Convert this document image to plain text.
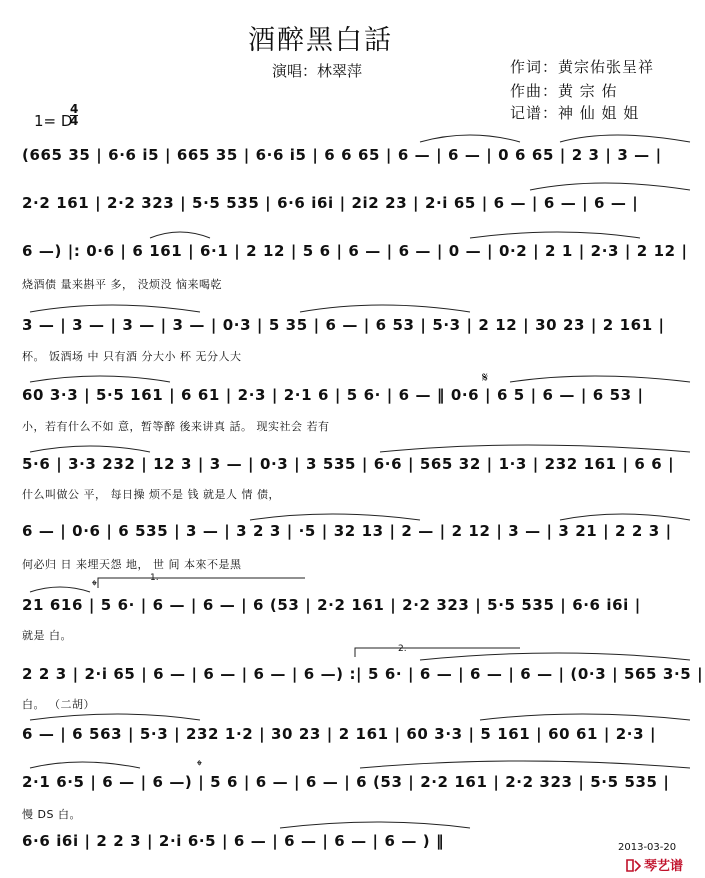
酒醉黑白話
演唱：林翠萍	作词：黄宗佑张呈祥
作曲：黄 宗 佑
记谱：神 仙 姐 姐
1= D
4
4
(665 35 | 6·6 i5 | 665 35 | 6·6 i5 | 6 6 65 | 6 — | 6 — | 0 6 65 | 2 3 | 3 — |
2·2 161 | 2·2 323 | 5·5 535 | 6·6 i6i | 2i2 23 | 2·i 65 | 6 — | 6 — | 6 — |
6 —) |: 0·6 | 6 161 | 6·1 | 2 12 | 5 6 | 6 — | 6 — | 0 — | 0·2 | 2 1 | 2·3 | 2 12 |
烧酒债 量来斟平 多， 没烦没 恼来喝乾
3 — | 3 — | 3 — | 3 — | 0·3 | 5 35 | 6 — | 6 53 | 5·3 | 2 12 | 30 23 | 2 161 |
杯。 饭酒场 中 只有酒 分大小 杯 无分人大
60 3·3 | 5·5 161 | 6 61 | 2·3 | 2·1 6 | 5 6· | 6 — ‖ 0·6 | 6 5 | 6 — | 6 53 |
小，若有什么不如 意，暂等醉 後来讲真 話。 现实社会 若有
5·6 | 3·3 232 | 12 3 | 3 — | 0·3 | 3 535 | 6·6 | 565 32 | 1·3 | 232 161 | 6 6 |
什么叫做公 平， 每日操 烦不是 钱 就是人 情 债，
6 — | 0·6 | 6 535 | 3 — | 3 2 3 | ·5 | 32 13 | 2 — | 2 12 | 3 — | 3 21 | 2 2 3 |
何必归 日 来埋天怨 地， 世 间 本來不是黑
21 616 | 5 6· | 6 — | 6 — | 6 (53 | 2·2 161 | 2·2 323 | 5·5 535 | 6·6 i6i |
就是 白。
2 2 3 | 2·i 65 | 6 — | 6 — | 6 — | 6 —) :| 5 6· | 6 — | 6 — | 6 — | (0·3 | 565 3·5 |
白。 （二胡）
6 — | 6 563 | 5·3 | 232 1·2 | 30 23 | 2 161 | 60 3·3 | 5 161 | 60 61 | 2·3 |
2·1 6·5 | 6 — | 6 —) | 5 6 | 6 — | 6 — | 6 (53 | 2·2 161 | 2·2 323 | 5·5 535 |
慢 DS 白。
6·6 i6i | 2 2 3 | 2·i 6·5 | 6 — | 6 — | 6 — | 6 — ) ‖
1.
2.
𝄋
𝄌
𝄌
2013-03-20
琴艺谱
